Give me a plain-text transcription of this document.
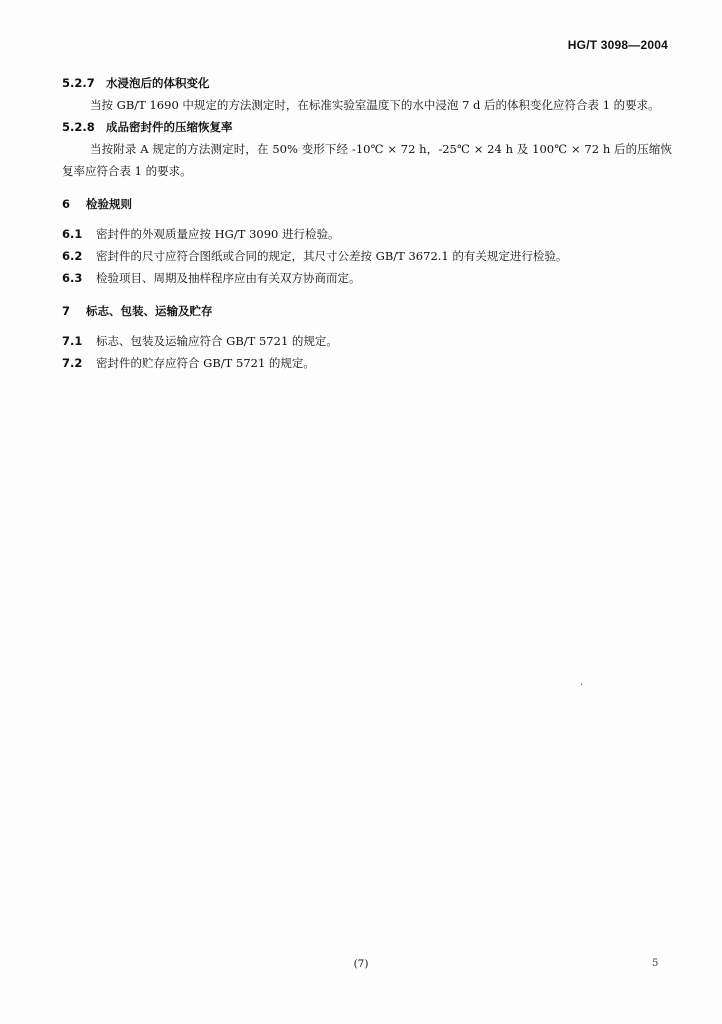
HG/T 3098—2004
5.2.7 水浸泡后的体积变化
当按 GB/T 1690 中规定的方法测定时，在标准实验室温度下的水中浸泡 7 d 后的体积变化应符合表 1 的要求。
5.2.8 成品密封件的压缩恢复率
当按附录 A 规定的方法测定时，在 50% 变形下经 -10℃ × 72 h，-25℃ × 24 h 及 100℃ × 72 h 后的压缩恢复率应符合表 1 的要求。
6 检验规则
6.1 密封件的外观质量应按 HG/T 3090 进行检验。
6.2 密封件的尺寸应符合图纸或合同的规定，其尺寸公差按 GB/T 3672.1 的有关规定进行检验。
6.3 检验项目、周期及抽样程序应由有关双方协商而定。
7 标志、包装、运输及贮存
7.1 标志、包装及运输应符合 GB/T 5721 的规定。
7.2 密封件的贮存应符合 GB/T 5721 的规定。
.
(7)	5
